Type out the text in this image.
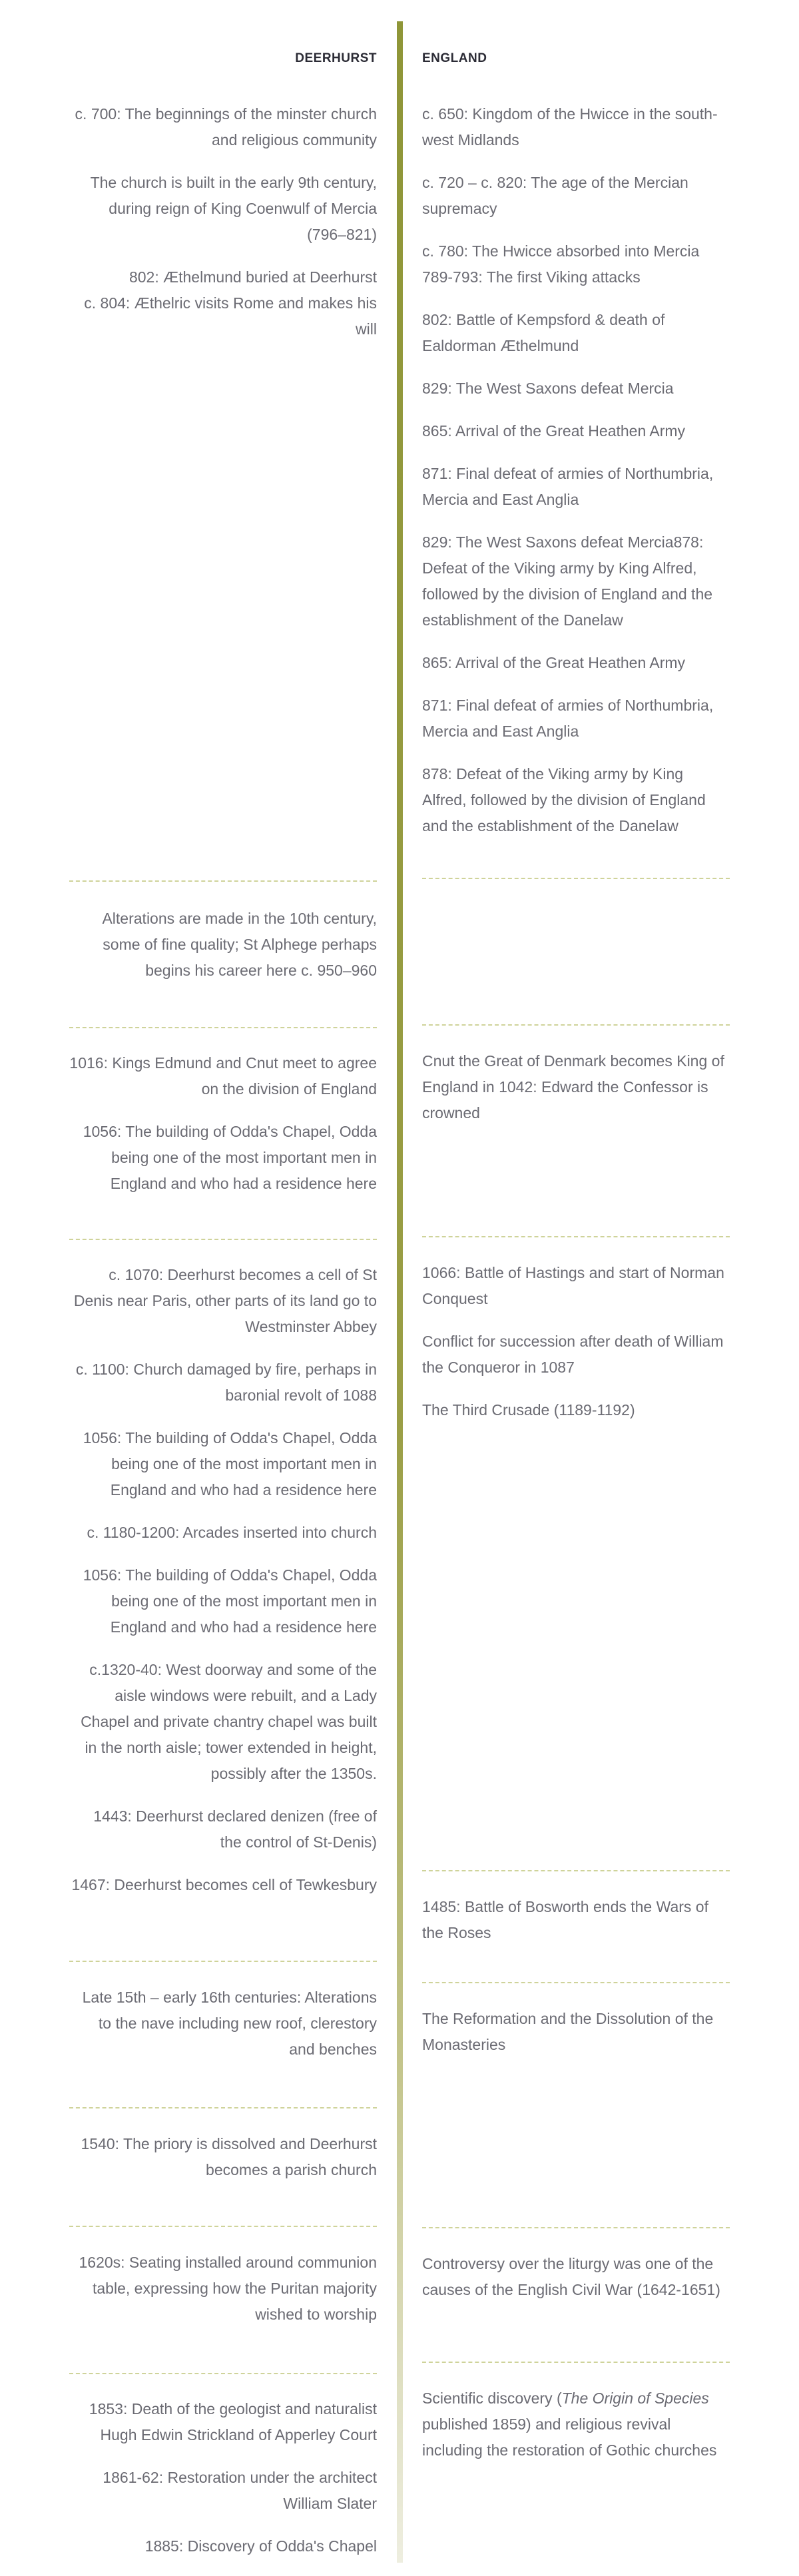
DEERHURST	ENGLAND

c. 700: The beginnings of the minster church and religious community

The church is built in the early 9th century, during reign of King Coenwulf of Mercia (796–821)

802: Æthelmund buried at Deerhurst

c. 804: Æthelric visits Rome and makes his will

Alterations are made in the 10th century, some of fine quality; St Alphege perhaps begins his career here c. 950–960

1016: Kings Edmund and Cnut meet to agree on the division of England

1056: The building of Odda's Chapel, Odda being one of the most important men in England and who had a residence here

c. 1070: Deerhurst becomes a cell of St Denis near Paris, other parts of its land go to Westminster Abbey

c. 1100: Church damaged by fire, perhaps in baronial revolt of 1088

1056: The building of Odda's Chapel, Odda being one of the most important men in England and who had a residence here

c. 1180-1200: Arcades inserted into church

1056: The building of Odda's Chapel, Odda being one of the most important men in England and who had a residence here

c.1320-40: West doorway and some of the aisle windows were rebuilt, and a Lady Chapel and private chantry chapel was built in the north aisle; tower extended in height, possibly after the 1350s.

1443: Deerhurst declared denizen (free of the control of St-Denis)

1467: Deerhurst becomes cell of Tewkesbury

Late 15th – early 16th centuries: Alterations to the nave including new roof, clerestory and benches

1540: The priory is dissolved and Deerhurst becomes a parish church

1620s: Seating installed around communion table, expressing how the Puritan majority wished to worship

1853: Death of the geologist and naturalist Hugh Edwin Strickland of Apperley Court

1861-62: Restoration under the architect William Slater

1885: Discovery of Odda's Chapel

c. 650: Kingdom of the Hwicce in the south-west Midlands

c. 720 – c. 820: The age of the Mercian supremacy

c. 780: The Hwicce absorbed into Mercia

789-793: The first Viking attacks

802: Battle of Kempsford & death of Ealdorman Æthelmund

829: The West Saxons defeat Mercia

865: Arrival of the Great Heathen Army

871: Final defeat of armies of Northumbria, Mercia and East Anglia

829: The West Saxons defeat Mercia878: Defeat of the Viking army by King Alfred, followed by the division of England and the establishment of the Danelaw

865: Arrival of the Great Heathen Army

871: Final defeat of armies of Northumbria, Mercia and East Anglia

878: Defeat of the Viking army by King Alfred, followed by the division of England and the establishment of the Danelaw

Cnut the Great of Denmark becomes King of England in 1042: Edward the Confessor is crowned

1066: Battle of Hastings and start of Norman Conquest

Conflict for succession after death of William the Conqueror in 1087

The Third Crusade (1189-1192)

1485: Battle of Bosworth ends the Wars of the Roses

The Reformation and the Dissolution of the Monasteries

Controversy over the liturgy was one of the causes of the English Civil War (1642-1651)

Scientific discovery (The Origin of Species published 1859) and religious revival including the restoration of Gothic churches
